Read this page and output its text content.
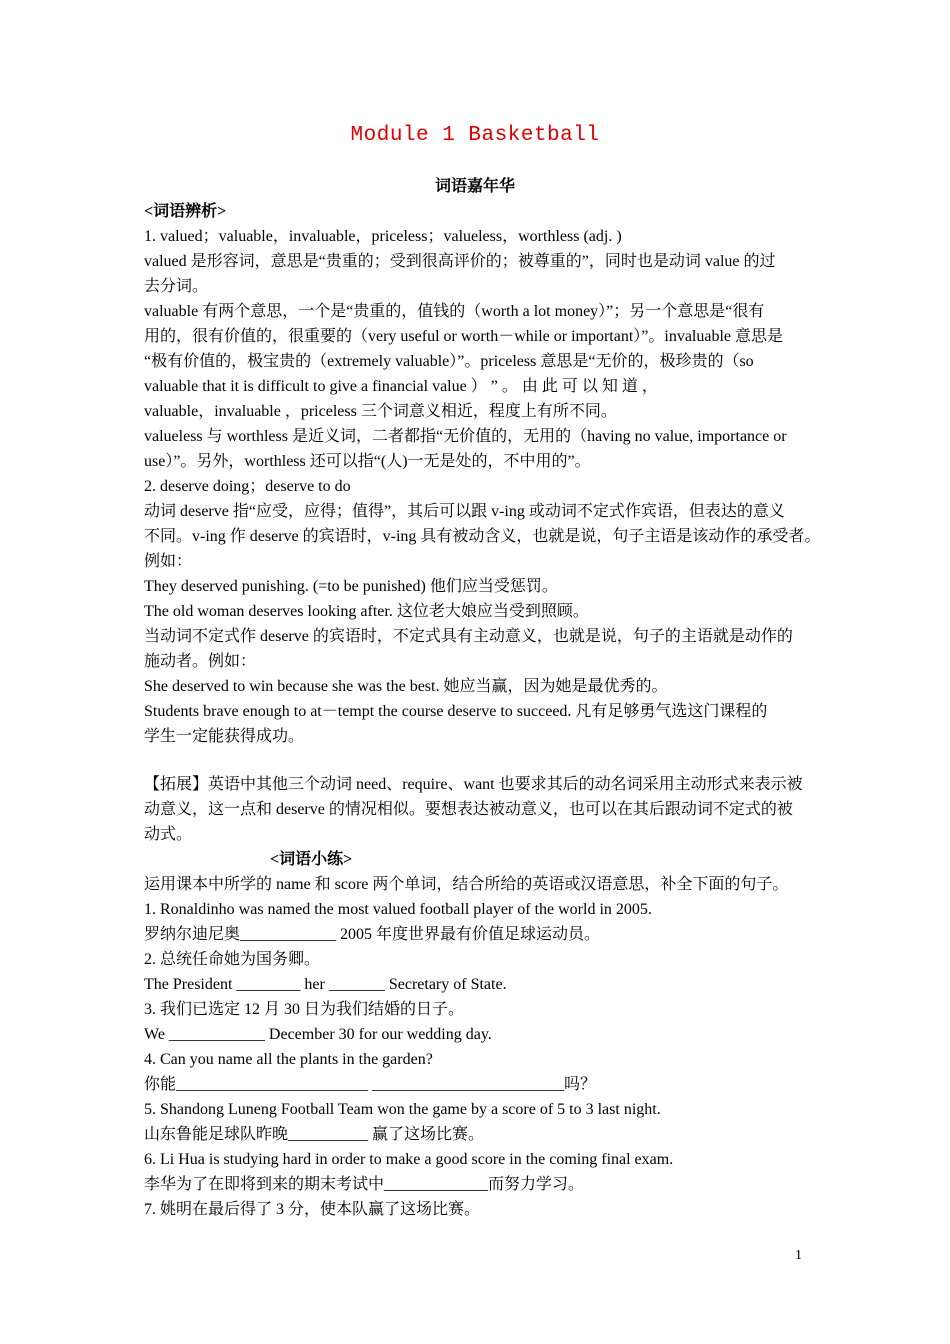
Module 1 Basketball
词语嘉年华
<词语辨析>
1. valued；valuable，invaluable，priceless；valueless，worthless (adj. )
valued 是形容词，意思是“贵重的；受到很高评价的；被尊重的”，同时也是动词 value 的过
去分词。
valuable 有两个意思，一个是“贵重的，值钱的（worth a lot money）”；另一个意思是“很有
用的，很有价值的，很重要的（very useful or worth－while or important）”。invaluable 意思是
“极有价值的，极宝贵的（extremely valuable）”。priceless 意思是“无价的，极珍贵的（so
valuable that it is difficult to give a financial value ） ” 。 由 此 可 以 知 道 ，
valuable，invaluable ，priceless 三个词意义相近，程度上有所不同。
valueless 与 worthless 是近义词，二者都指“无价值的，无用的（having no value, importance or
use）”。另外，worthless 还可以指“(人)一无是处的，不中用的”。
2. deserve doing；deserve to do
动词 deserve 指“应受，应得；值得”，其后可以跟 v-ing 或动词不定式作宾语，但表达的意义
不同。v-ing 作 deserve 的宾语时，v-ing 具有被动含义，也就是说，句子主语是该动作的承受者。
例如：
They deserved punishing. (=to be punished) 他们应当受惩罚。
The old woman deserves looking after. 这位老大娘应当受到照顾。
当动词不定式作 deserve 的宾语时，不定式具有主动意义，也就是说，句子的主语就是动作的
施动者。例如：
She deserved to win because she was the best. 她应当赢，因为她是最优秀的。
Students brave enough to at－tempt the course deserve to succeed. 凡有足够勇气选这门课程的
学生一定能获得成功。
【拓展】英语中其他三个动词 need、require、want 也要求其后的动名词采用主动形式来表示被
动意义，这一点和 deserve 的情况相似。要想表达被动意义，也可以在其后跟动词不定式的被
动式。
<词语小练>
运用课本中所学的 name 和 score 两个单词，结合所给的英语或汉语意思，补全下面的句子。
1. Ronaldinho was named the most valued football player of the world in 2005.
罗纳尔迪尼奥____________ 2005 年度世界最有价值足球运动员。
2. 总统任命她为国务卿。
The President ________ her _______ Secretary of State.
3. 我们已选定 12 月 30 日为我们结婚的日子。
We ____________ December 30 for our wedding day.
4. Can you name all the plants in the garden?
你能________________________ ________________________吗？
5. Shandong Luneng Football Team won the game by a score of 5 to 3 last night.
山东鲁能足球队昨晚__________ 赢了这场比赛。
6. Li Hua is studying hard in order to make a good score in the coming final exam.
李华为了在即将到来的期末考试中_____________而努力学习。
7. 姚明在最后得了 3 分，使本队赢了这场比赛。
1
